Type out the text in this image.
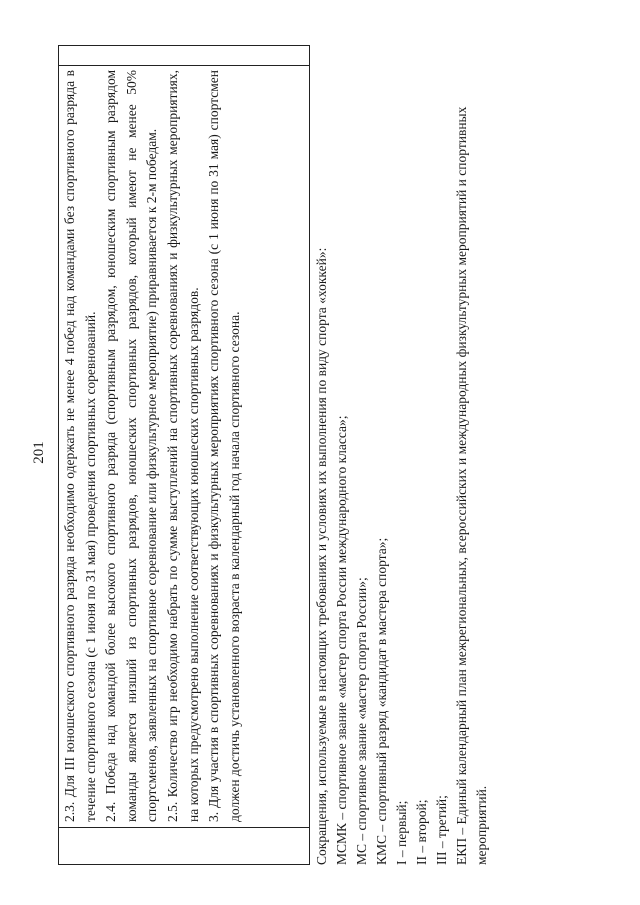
201 2.3. Для III юношеского спортивного разряда необходимо одержать не менее 4 побед над командами без спортивного разряда в течение спортивного сезона (с 1 июня по 31 мая) проведения спортивных соревнований. 2.4. Победа над командой более высокого спортивного разряда (спортивным разрядом, юношеским спортивным разрядом команды является низший из спортивных разрядов, юношеских спортивных разрядов, который имеют не менее 50% спортсменов, заявленных на спортивное соревнование или физкультурное мероприятие) приравнивается к 2-м победам. 2.5. Количество игр необходимо набрать по сумме выступлений на спортивных соревнованиях и физкультурных мероприятиях, на которых предусмотрено выполнение соответствующих юношеских спортивных разрядов. 3. Для участия в спортивных соревнованиях и физкультурных мероприятиях спортивного сезона (с 1 июня по 31 мая) спортсмен должен достичь установленного возраста в календарный год начала спортивного сезона.	Сокращения, используемые в настоящих требованиях и условиях их выполнения по виду спорта «хоккей»: МСМК – спортивное звание «мастер спорта России международного класса»; МС – спортивное звание «мастер спорта России»; КМС – спортивный разряд «кандидат в мастера спорта»; I – первый; II – второй; III – третий; ЕКП – Единый календарный план межрегиональных, всероссийских и международных физкультурных мероприятий и спортивных мероприятий.
